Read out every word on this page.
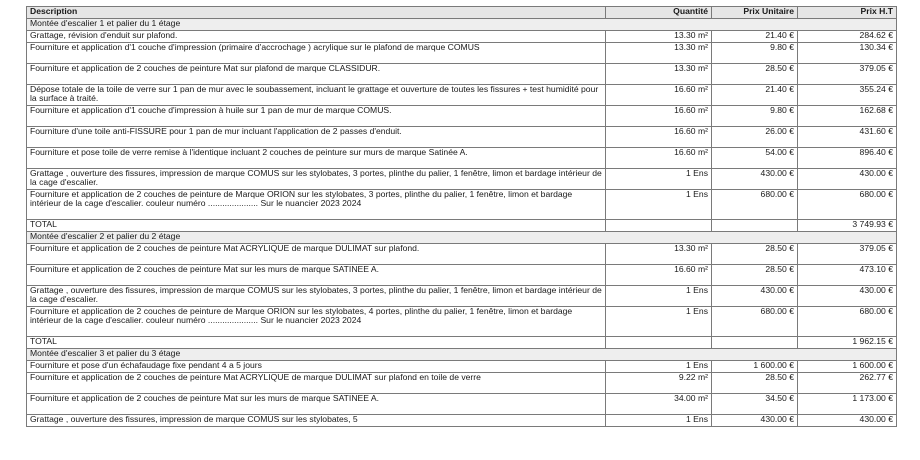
Description	Quantité	Prix Unitaire	Prix H.T
Montée d'escalier 1 et palier du 1 étage			
Grattage, révision d'enduit sur plafond.	13.30 m²	21.40 €	284.62 €
Fourniture et application d'1 couche d'impression (primaire d'accrochage ) acrylique sur le plafond de marque COMUS	13.30 m²	9.80 €	130.34 €
Fourniture et application de 2 couches de peinture Mat sur plafond de marque CLASSIDUR.	13.30 m²	28.50 €	379.05 €
Dépose totale de la toile de verre sur 1 pan de mur avec le soubassement, incluant le grattage et ouverture de toutes les fissures + test humidité pour la surface à traité.	16.60 m²	21.40 €	355.24 €
Fourniture et application d'1 couche d'impression à huile sur 1 pan de mur de marque COMUS.	16.60 m²	9.80 €	162.68 €
Fourniture d'une toile anti-FISSURE pour 1 pan de mur incluant l'application de 2 passes d'enduit.	16.60 m²	26.00 €	431.60 €
Fourniture et pose toile de verre remise à l'identique incluant 2 couches de peinture sur murs de marque Satinée A.	16.60 m²	54.00 €	896.40 €
Grattage , ouverture des fissures, impression de marque COMUS sur les stylobates, 3 portes, plinthe du palier, 1 fenêtre, limon et bardage intérieur de la cage d'escalier.	1 Ens	430.00 €	430.00 €
Fourniture et application de 2 couches de peinture de Marque ORION sur les stylobates, 3 portes, plinthe du palier, 1 fenêtre, limon et bardage intérieur de la cage d'escalier. couleur numéro ..................... Sur le nuancier 2023 2024	1 Ens	680.00 €	680.00 €
TOTAL			3 749.93 €
Montée d'escalier 2 et palier du 2 étage			
Fourniture et application de 2 couches de peinture Mat ACRYLIQUE de marque DULIMAT sur plafond.	13.30 m²	28.50 €	379.05 €
Fourniture et application de 2 couches de peinture Mat sur les murs de marque SATINEE A.	16.60 m²	28.50 €	473.10 €
Grattage , ouverture des fissures, impression de marque COMUS sur les stylobates, 3 portes, plinthe du palier, 1 fenêtre, limon et bardage intérieur de la cage d'escalier.	1 Ens	430.00 €	430.00 €
Fourniture et application de 2 couches de peinture de Marque ORION sur les stylobates, 4 portes, plinthe du palier, 1 fenêtre, limon et bardage intérieur de la cage d'escalier. couleur numéro ..................... Sur le nuancier 2023 2024	1 Ens	680.00 €	680.00 €
TOTAL			1 962.15 €
Montée d'escalier 3 et palier du 3 étage			
Fourniture et pose d'un échafaudage fixe pendant 4 a 5 jours	1 Ens	1 600.00 €	1 600.00 €
Fourniture et application de 2 couches de peinture Mat ACRYLIQUE de marque DULIMAT sur plafond en toile de verre	9.22 m²	28.50 €	262.77 €
Fourniture et application de 2 couches de peinture Mat sur les murs de marque SATINEE A.	34.00 m²	34.50 €	1 173.00 €
Grattage , ouverture des fissures, impression de marque COMUS sur les stylobates, 5	1 Ens	430.00 €	430.00 €
